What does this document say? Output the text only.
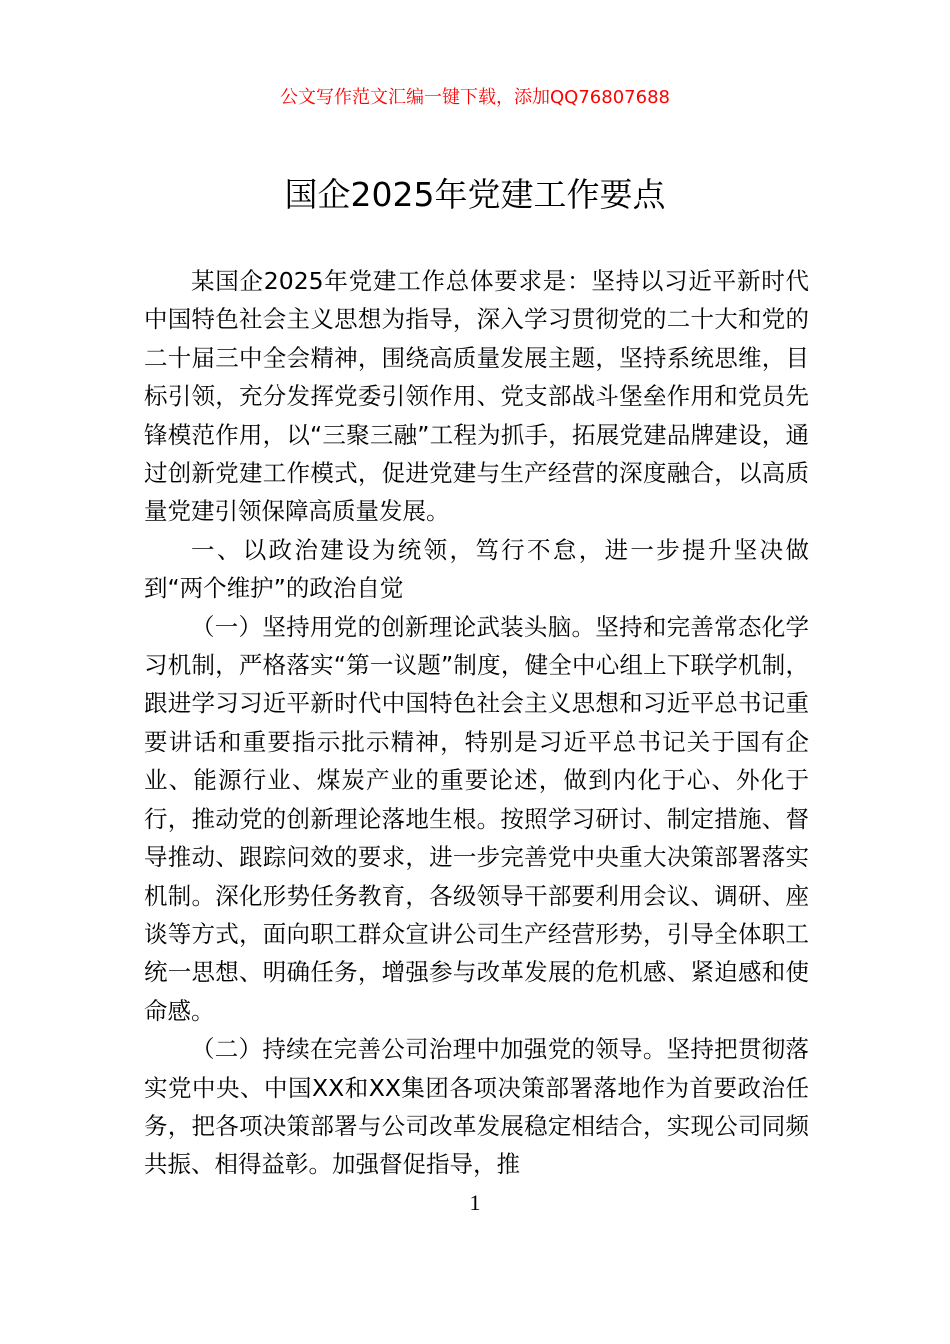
公文写作范文汇编一键下载，添加QQ76807688
国企2025年党建工作要点

某国企2025年党建工作总体要求是：坚持以习近平新时代中国特色社会主义思想为指导，深入学习贯彻党的二十大和党的二十届三中全会精神，围绕高质量发展主题，坚持系统思维，目标引领，充分发挥党委引领作用、党支部战斗堡垒作用和党员先锋模范作用，以“三聚三融”工程为抓手，拓展党建品牌建设，通过创新党建工作模式，促进党建与生产经营的深度融合，以高质量党建引领保障高质量发展。

一、以政治建设为统领，笃行不怠，进一步提升坚决做到“两个维护”的政治自觉

（一）坚持用党的创新理论武装头脑。坚持和完善常态化学习机制，严格落实“第一议题”制度，健全中心组上下联学机制，跟进学习习近平新时代中国特色社会主义思想和习近平总书记重要讲话和重要指示批示精神，特别是习近平总书记关于国有企业、能源行业、煤炭产业的重要论述，做到内化于心、外化于行，推动党的创新理论落地生根。按照学习研讨、制定措施、督导推动、跟踪问效的要求，进一步完善党中央重大决策部署落实机制。深化形势任务教育，各级领导干部要利用会议、调研、座谈等方式，面向职工群众宣讲公司生产经营形势，引导全体职工统一思想、明确任务，增强参与改革发展的危机感、紧迫感和使命感。

（二）持续在完善公司治理中加强党的领导。坚持把贯彻落实党中央、中国XX和XX集团各项决策部署落地作为首要政治任务，把各项决策部署与公司改革发展稳定相结合，实现公司同频共振、相得益彰。加强督促指导，推

1
